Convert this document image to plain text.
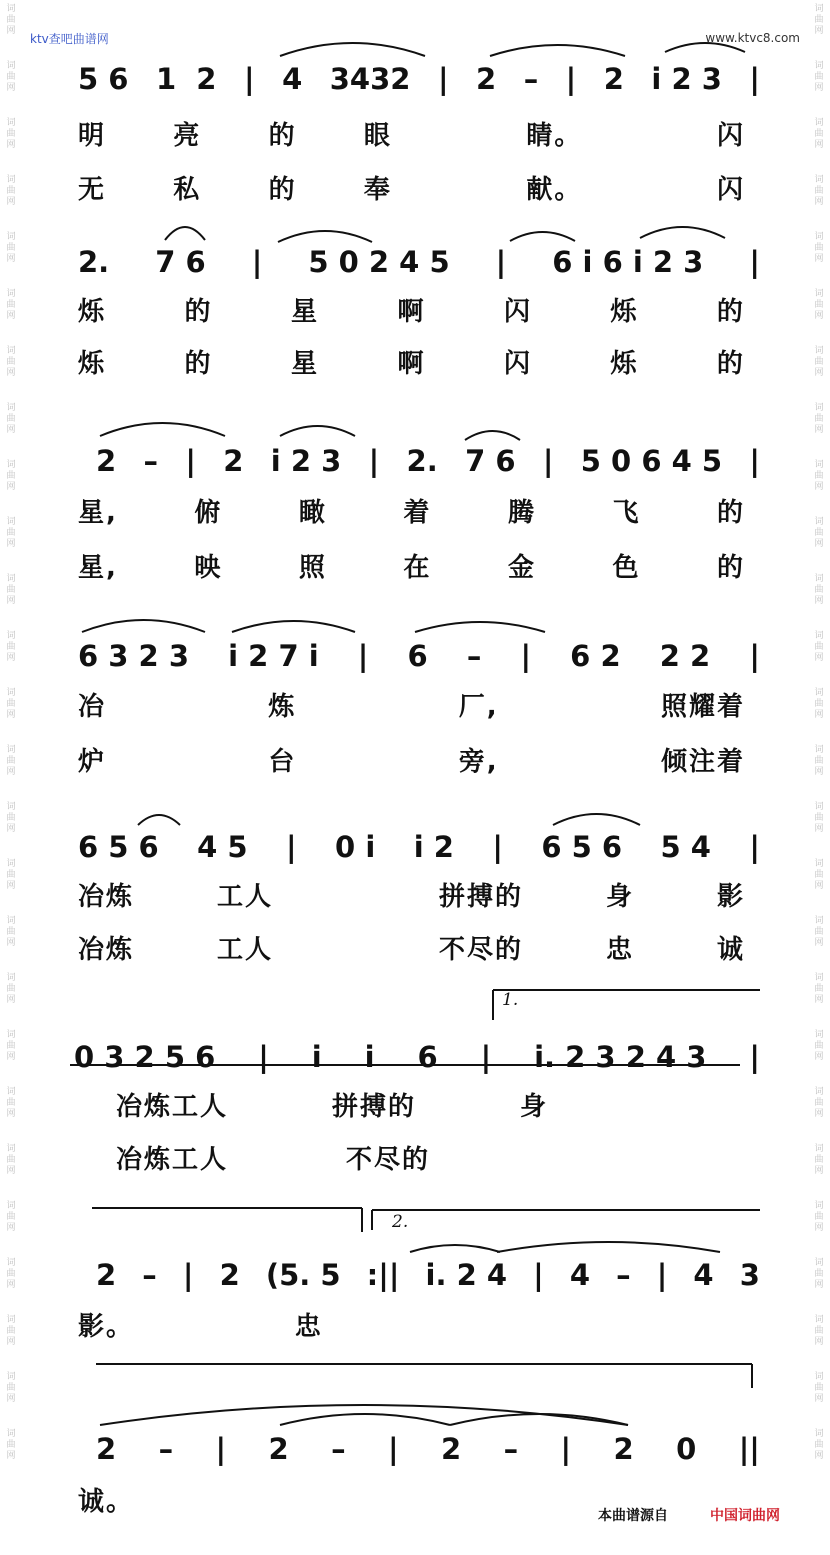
词曲网
词曲网
词曲网
词曲网
词曲网
词曲网
词曲网
词曲网
词曲网
词曲网
词曲网
词曲网
词曲网
词曲网
词曲网
词曲网
词曲网
词曲网
词曲网
词曲网
词曲网
词曲网
词曲网
词曲网
词曲网
词曲网
词曲网
词曲网
词曲网
词曲网
词曲网
词曲网
词曲网
词曲网
词曲网
词曲网
词曲网
词曲网
词曲网
词曲网
词曲网
词曲网
词曲网
词曲网
词曲网
词曲网
词曲网
词曲网
词曲网
词曲网
词曲网
词曲网
ktv查吧曲谱网	www.ktvc8.com
5 6 1  2 | 4 3432 | 2 – | 2 i 2 3 |
明	亮	的	眼	睛。	闪
无	私	的	奉	献。	闪
2. 7 6 | 5 0 2 4 5 | 6 i 6 i 2 3 |
烁	的	星	啊	闪	烁	的
烁	的	星	啊	闪	烁	的
2 – | 2 i 2 3 | 2. 7 6 | 5 0 6 4 5 |
星,	俯	瞰	着	腾	飞	的
星,	映	照	在	金	色	的
6 3 2 3 i 2 7 i | 6 – | 6 2 2 2 |
冶	炼	厂,	照耀着
炉	台	旁,	倾注着
6 5 6 4 5 | 0 i i 2 | 6 5 6 5 4 |
冶炼	工人	拼搏的	身	影
冶炼	工人	不尽的	忠	诚
0 3 2 5 6 | i i 6 | i. 2 3 2 4 3 |
冶炼工人	拼搏的	身
冶炼工人	不尽的
1.
2 – | 2 (5. 5 :|| i. 2 4 | 4 – | 4 3
影。	忠
2.
2 – | 2 – | 2 – | 2 0 ||
诚。	本曲谱源自	中国词曲网
